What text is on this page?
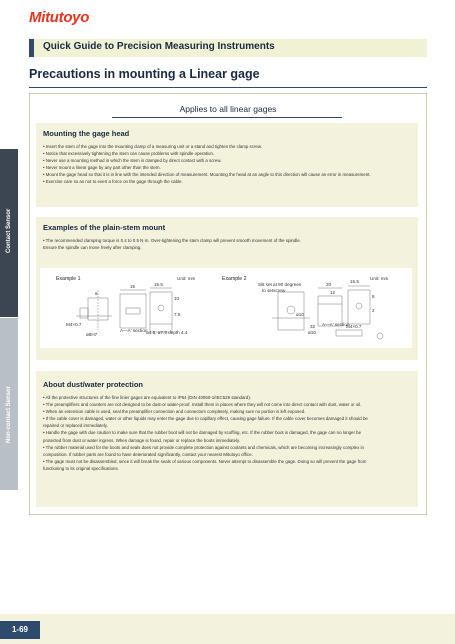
Mitutoyo
Quick Guide to Precision Measuring Instruments
Precautions in mounting a Linear gage
Contact Sensor
Non-contact Sensor
Applies to all linear gages
Mounting the gage head
• Insert the stem of the gage into the mounting clamp of a measuring unit or a stand and tighten the clamp screw.
• Notice that excessively tightening the stem can cause problems with spindle operation.
• Never use a mounting method in which the stem is clamped by direct contact with a screw.
• Never mount a linear gage by any part other than the stem.
• Mount the gage head so that it is in line with the intended direction of measurement. Mounting the head at an angle to this direction will cause an error in measurement.
• Exercise care so as not to exert a force on the gage through the cable.
Examples of the plain-stem mount
• The recommended clamping torque is 0.4 to 0.5 N·m. Over-tightening the stem clamp will prevent smooth movement of the spindle.
Ensure the spindle can move freely after clamping.
Example 1	Unit: mm	Example 2	Unit: mm
6
16	15.5
10
7.5
M4×0.7
A—A' section
ø8H7	ø4.5, ø7.5 depth 4.4
Slit set at 90 degrees
to setscrew
ø10
20
15.5
12
8
2
32 A—A' section
ø10
M4×0.7
About dust/water protection
• All the protective structures of the fine linier gages are equivalent to IP54 (DIN 40050-1/IEC529 standard).
• The preamplifiers and counters are not designed to be dust-or water-proof. Install them in places where they will not come into direct contact with dust, water or oil.
• When an extension cable is used, seal the preamplifier connection and connectors completely, making sure no portion is left exposed.
• If the cable cover is damaged, water or other liquids may enter the gage due to capillary effect, causing gage failure. If the cable cover becomes damaged it should be
repaired or replaced immediately.
• Handle the gage with due caution to make sure that the rubber boot will not be damaged by scuffing, etc. If the rubber boot is damaged, the gage can no longer be
protected from dust or water ingress. When damage is found, repair or replace the boots immediately.
• The rubber material used for the boots and seals does not provide complete protection against coolants and chemicals, which are becoming increasingly complex in
composition. If rubber parts are found to have deteriorated significantly, contact your nearest Mitutoyo office.
• The gage must not be disassembled, since it will break the seals of various components. Never attempt to disassemble the gage. Doing so will prevent the gage from
functioning to its original specifications.
1-69
